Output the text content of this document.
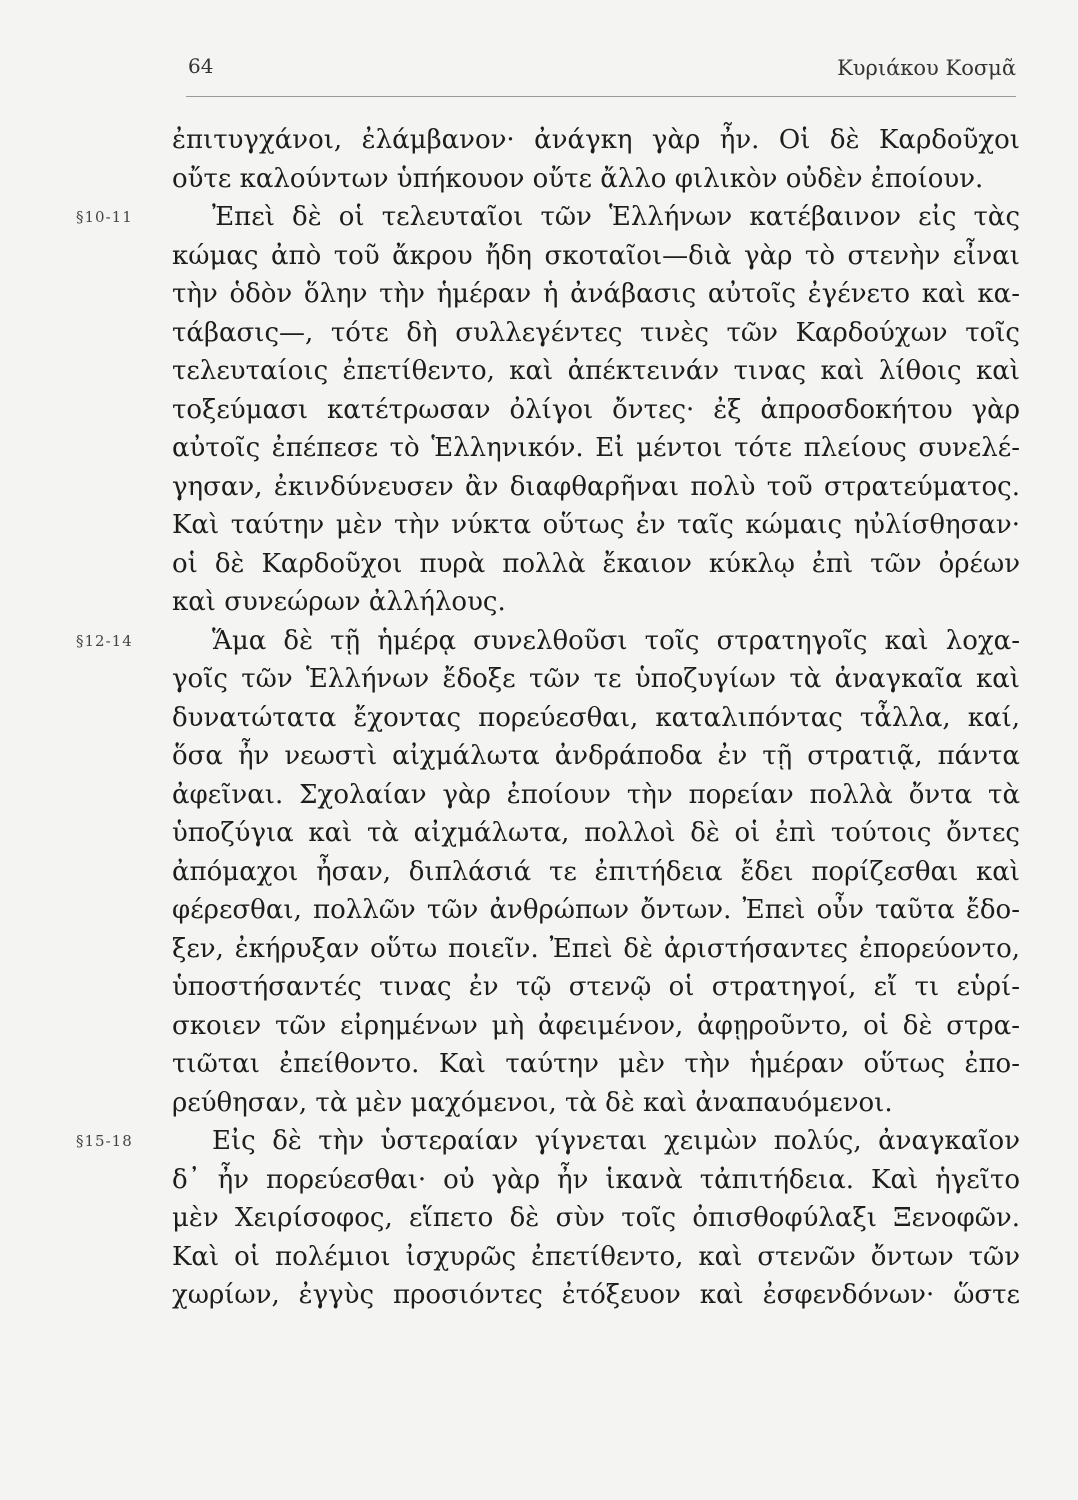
64	Κυριάκου Κοσμᾶ
ἐπιτυγχάνοι, ἐλάμβανον· ἀνάγκη γὰρ ἦν. Οἱ δὲ Καρδοῦχοι
οὔτε καλούντων ὑπήκουον οὔτε ἄλλο φιλικὸν οὐδὲν ἐποίουν.
§10-11	Ἐπεὶ δὲ οἱ τελευταῖοι τῶν Ἑλλήνων κατέβαινον εἰς τὰς
κώμας ἀπὸ τοῦ ἄκρου ἤδη σκοταῖοι—διὰ γὰρ τὸ στενὴν εἶναι
τὴν ὁδὸν ὅλην τὴν ἡμέραν ἡ ἀνάβασις αὐτοῖς ἐγένετο καὶ κα-
τάβασις—, τότε δὴ συλλεγέντες τινὲς τῶν Καρδούχων τοῖς
τελευταίοις ἐπετίθεντο, καὶ ἀπέκτεινάν τινας καὶ λίθοις καὶ
τοξεύμασι κατέτρωσαν ὀλίγοι ὄντες· ἐξ ἀπροσδοκήτου γὰρ
αὐτοῖς ἐπέπεσε τὸ Ἑλληνικόν. Εἰ μέντοι τότε πλείους συνελέ-
γησαν, ἐκινδύνευσεν ἂν διαφθαρῆναι πολὺ τοῦ στρατεύματος.
Καὶ ταύτην μὲν τὴν νύκτα οὕτως ἐν ταῖς κώμαις ηὐλίσθησαν·
οἱ δὲ Καρδοῦχοι πυρὰ πολλὰ ἔκαιον κύκλῳ ἐπὶ τῶν ὀρέων
καὶ συνεώρων ἀλλήλους.
§12-14	Ἅμα δὲ τῇ ἡμέρᾳ συνελθοῦσι τοῖς στρατηγοῖς καὶ λοχα-
γοῖς τῶν Ἑλλήνων ἔδοξε τῶν τε ὑποζυγίων τὰ ἀναγκαῖα καὶ
δυνατώτατα ἔχοντας πορεύεσθαι, καταλιπόντας τἆλλα, καί,
ὅσα ἦν νεωστὶ αἰχμάλωτα ἀνδράποδα ἐν τῇ στρατιᾷ, πάντα
ἀφεῖναι. Σχολαίαν γὰρ ἐποίουν τὴν πορείαν πολλὰ ὄντα τὰ
ὑποζύγια καὶ τὰ αἰχμάλωτα, πολλοὶ δὲ οἱ ἐπὶ τούτοις ὄντες
ἀπόμαχοι ἦσαν, διπλάσιά τε ἐπιτήδεια ἔδει πορίζεσθαι καὶ
φέρεσθαι, πολλῶν τῶν ἀνθρώπων ὄντων. Ἐπεὶ οὖν ταῦτα ἔδο-
ξεν, ἐκήρυξαν οὕτω ποιεῖν. Ἐπεὶ δὲ ἀριστήσαντες ἐπορεύοντο,
ὑποστήσαντές τινας ἐν τῷ στενῷ οἱ στρατηγοί, εἴ τι εὑρί-
σκοιεν τῶν εἰρημένων μὴ ἀφειμένον, ἀφῃροῦντο, οἱ δὲ στρα-
τιῶται ἐπείθοντο. Καὶ ταύτην μὲν τὴν ἡμέραν οὕτως ἐπο-
ρεύθησαν, τὰ μὲν μαχόμενοι, τὰ δὲ καὶ ἀναπαυόμενοι.
§15-18	Εἰς δὲ τὴν ὑστεραίαν γίγνεται χειμὼν πολύς, ἀναγκαῖον
δ᾽ ἦν πορεύεσθαι· οὐ γὰρ ἦν ἱκανὰ τἀπιτήδεια. Καὶ ἡγεῖτο
μὲν Χειρίσοφος, εἵπετο δὲ σὺν τοῖς ὀπισθοφύλαξι Ξενοφῶν.
Καὶ οἱ πολέμιοι ἰσχυρῶς ἐπετίθεντο, καὶ στενῶν ὄντων τῶν
χωρίων, ἐγγὺς προσιόντες ἐτόξευον καὶ ἐσφενδόνων· ὥστε
